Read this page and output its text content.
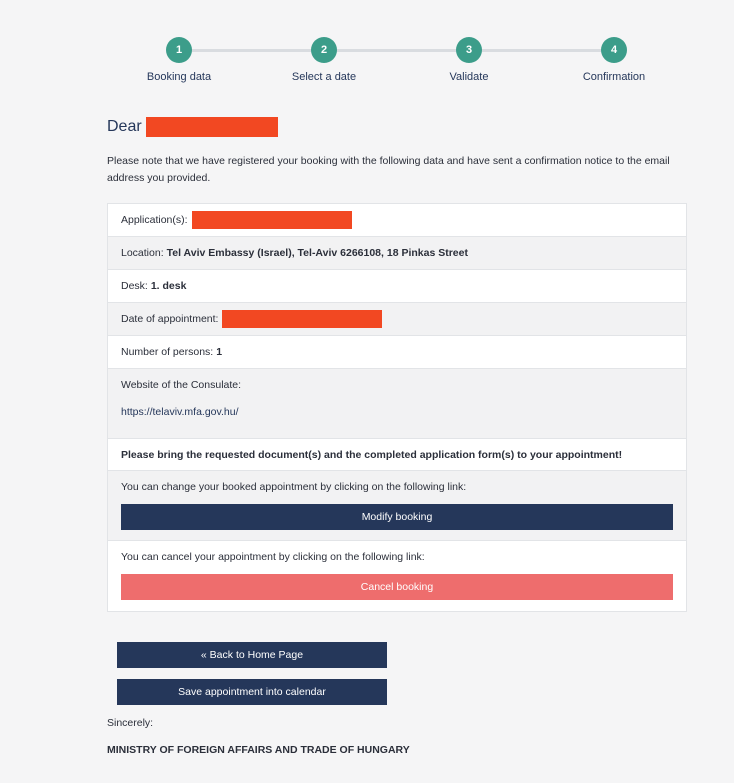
1
Booking data
2
Select a date
3
Validate
4
Confirmation
Dear

Please note that we have registered your booking with the following data and have sent a confirmation notice to the email address you provided.

Application(s):
Location: Tel Aviv Embassy (Israel), Tel-Aviv 6266108, 18 Pinkas Street
Desk: 1. desk
Date of appointment:
Number of persons: 1
Website of the Consulate:
https://telaviv.mfa.gov.hu/
Please bring the requested document(s) and the completed application form(s) to your appointment!
You can change your booked appointment by clicking on the following link:
Modify booking
You can cancel your appointment by clicking on the following link:
Cancel booking
« Back to Home Page
Save appointment into calendar
Sincerely:
MINISTRY OF FOREIGN AFFAIRS AND TRADE OF HUNGARY
